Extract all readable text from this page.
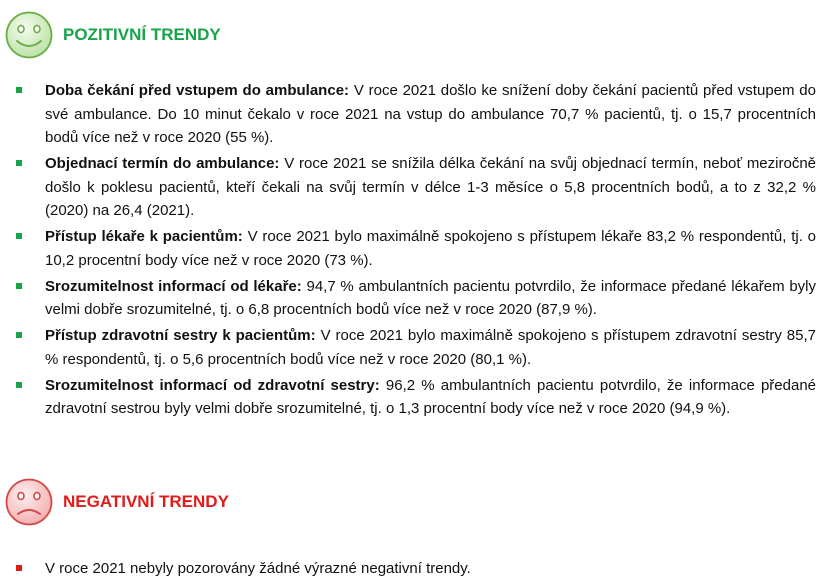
POZITIVNÍ TRENDY
Doba čekání před vstupem do ambulance: V roce 2021 došlo ke snížení doby čekání pacientů před vstupem do své ambulance. Do 10 minut čekalo v roce 2021 na vstup do ambulance 70,7 % pacientů, tj. o 15,7 procentních bodů více než v roce 2020 (55 %).
Objednací termín do ambulance: V roce 2021 se snížila délka čekání na svůj objednací termín, neboť meziročně došlo k poklesu pacientů, kteří čekali na svůj termín v délce 1-3 měsíce o 5,8 procentních bodů, a to z 32,2 % (2020) na 26,4 (2021).
Přístup lékaře k pacientům: V roce 2021 bylo maximálně spokojeno s přístupem lékaře 83,2 % respondentů, tj. o 10,2 procentní body více než v roce 2020 (73 %).
Srozumitelnost informací od lékaře: 94,7 % ambulantních pacientu potvrdilo, že informace předané lékařem byly velmi dobře srozumitelné, tj. o 6,8 procentních bodů více než v roce 2020 (87,9 %).
Přístup zdravotní sestry k pacientům: V roce 2021 bylo maximálně spokojeno s přístupem zdravotní sestry 85,7 % respondentů, tj. o 5,6 procentních bodů více než v roce 2020 (80,1 %).
Srozumitelnost informací od zdravotní sestry: 96,2 % ambulantních pacientu potvrdilo, že informace předané zdravotní sestrou byly velmi dobře srozumitelné, tj. o 1,3 procentní body více než v roce 2020 (94,9 %).
NEGATIVNÍ TRENDY
V roce 2021 nebyly pozorovány žádné výrazné negativní trendy.
